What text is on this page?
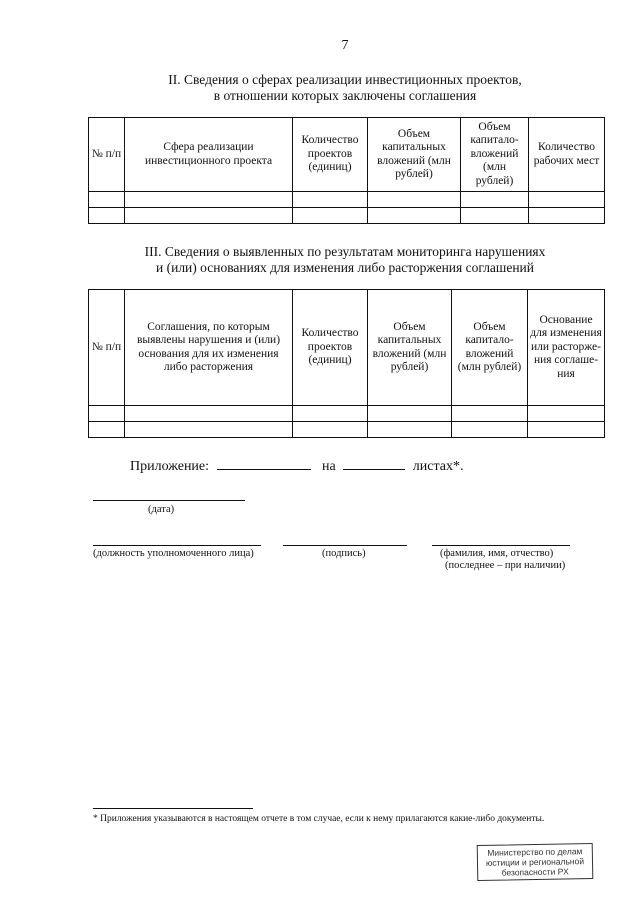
7
II. Сведения о сферах реализации инвестиционных проектов,
в отношении которых заключены соглашения
№ п/п	Сфера реализации инвестиционного проекта	Количество проектов (единиц)	Объем капитальных вложений (млн рублей)	Объем капитало-вложений (млн рублей)	Количество рабочих мест

III. Сведения о выявленных по результатам мониторинга нарушениях
и (или) основаниях для изменения либо расторжения соглашений
№ п/п	Соглашения, по которым выявлены нарушения и (или) основания для их изменения либо расторжения	Количество проектов (единиц)	Объем капитальных вложений (млн рублей)	Объем капитало-вложений (млн рублей)	Основание для изменения или расторже-ния соглаше-ния

Приложение:	на	листах*.
(дата)
(должность уполномоченного лица)	(подпись)	(фамилия, имя, отчество)
(последнее – при наличии)
* Приложения указываются в настоящем отчете в том случае, если к нему прилагаются какие-либо документы.
Министерство по делам
юстиции и региональной
безопасности РХ
